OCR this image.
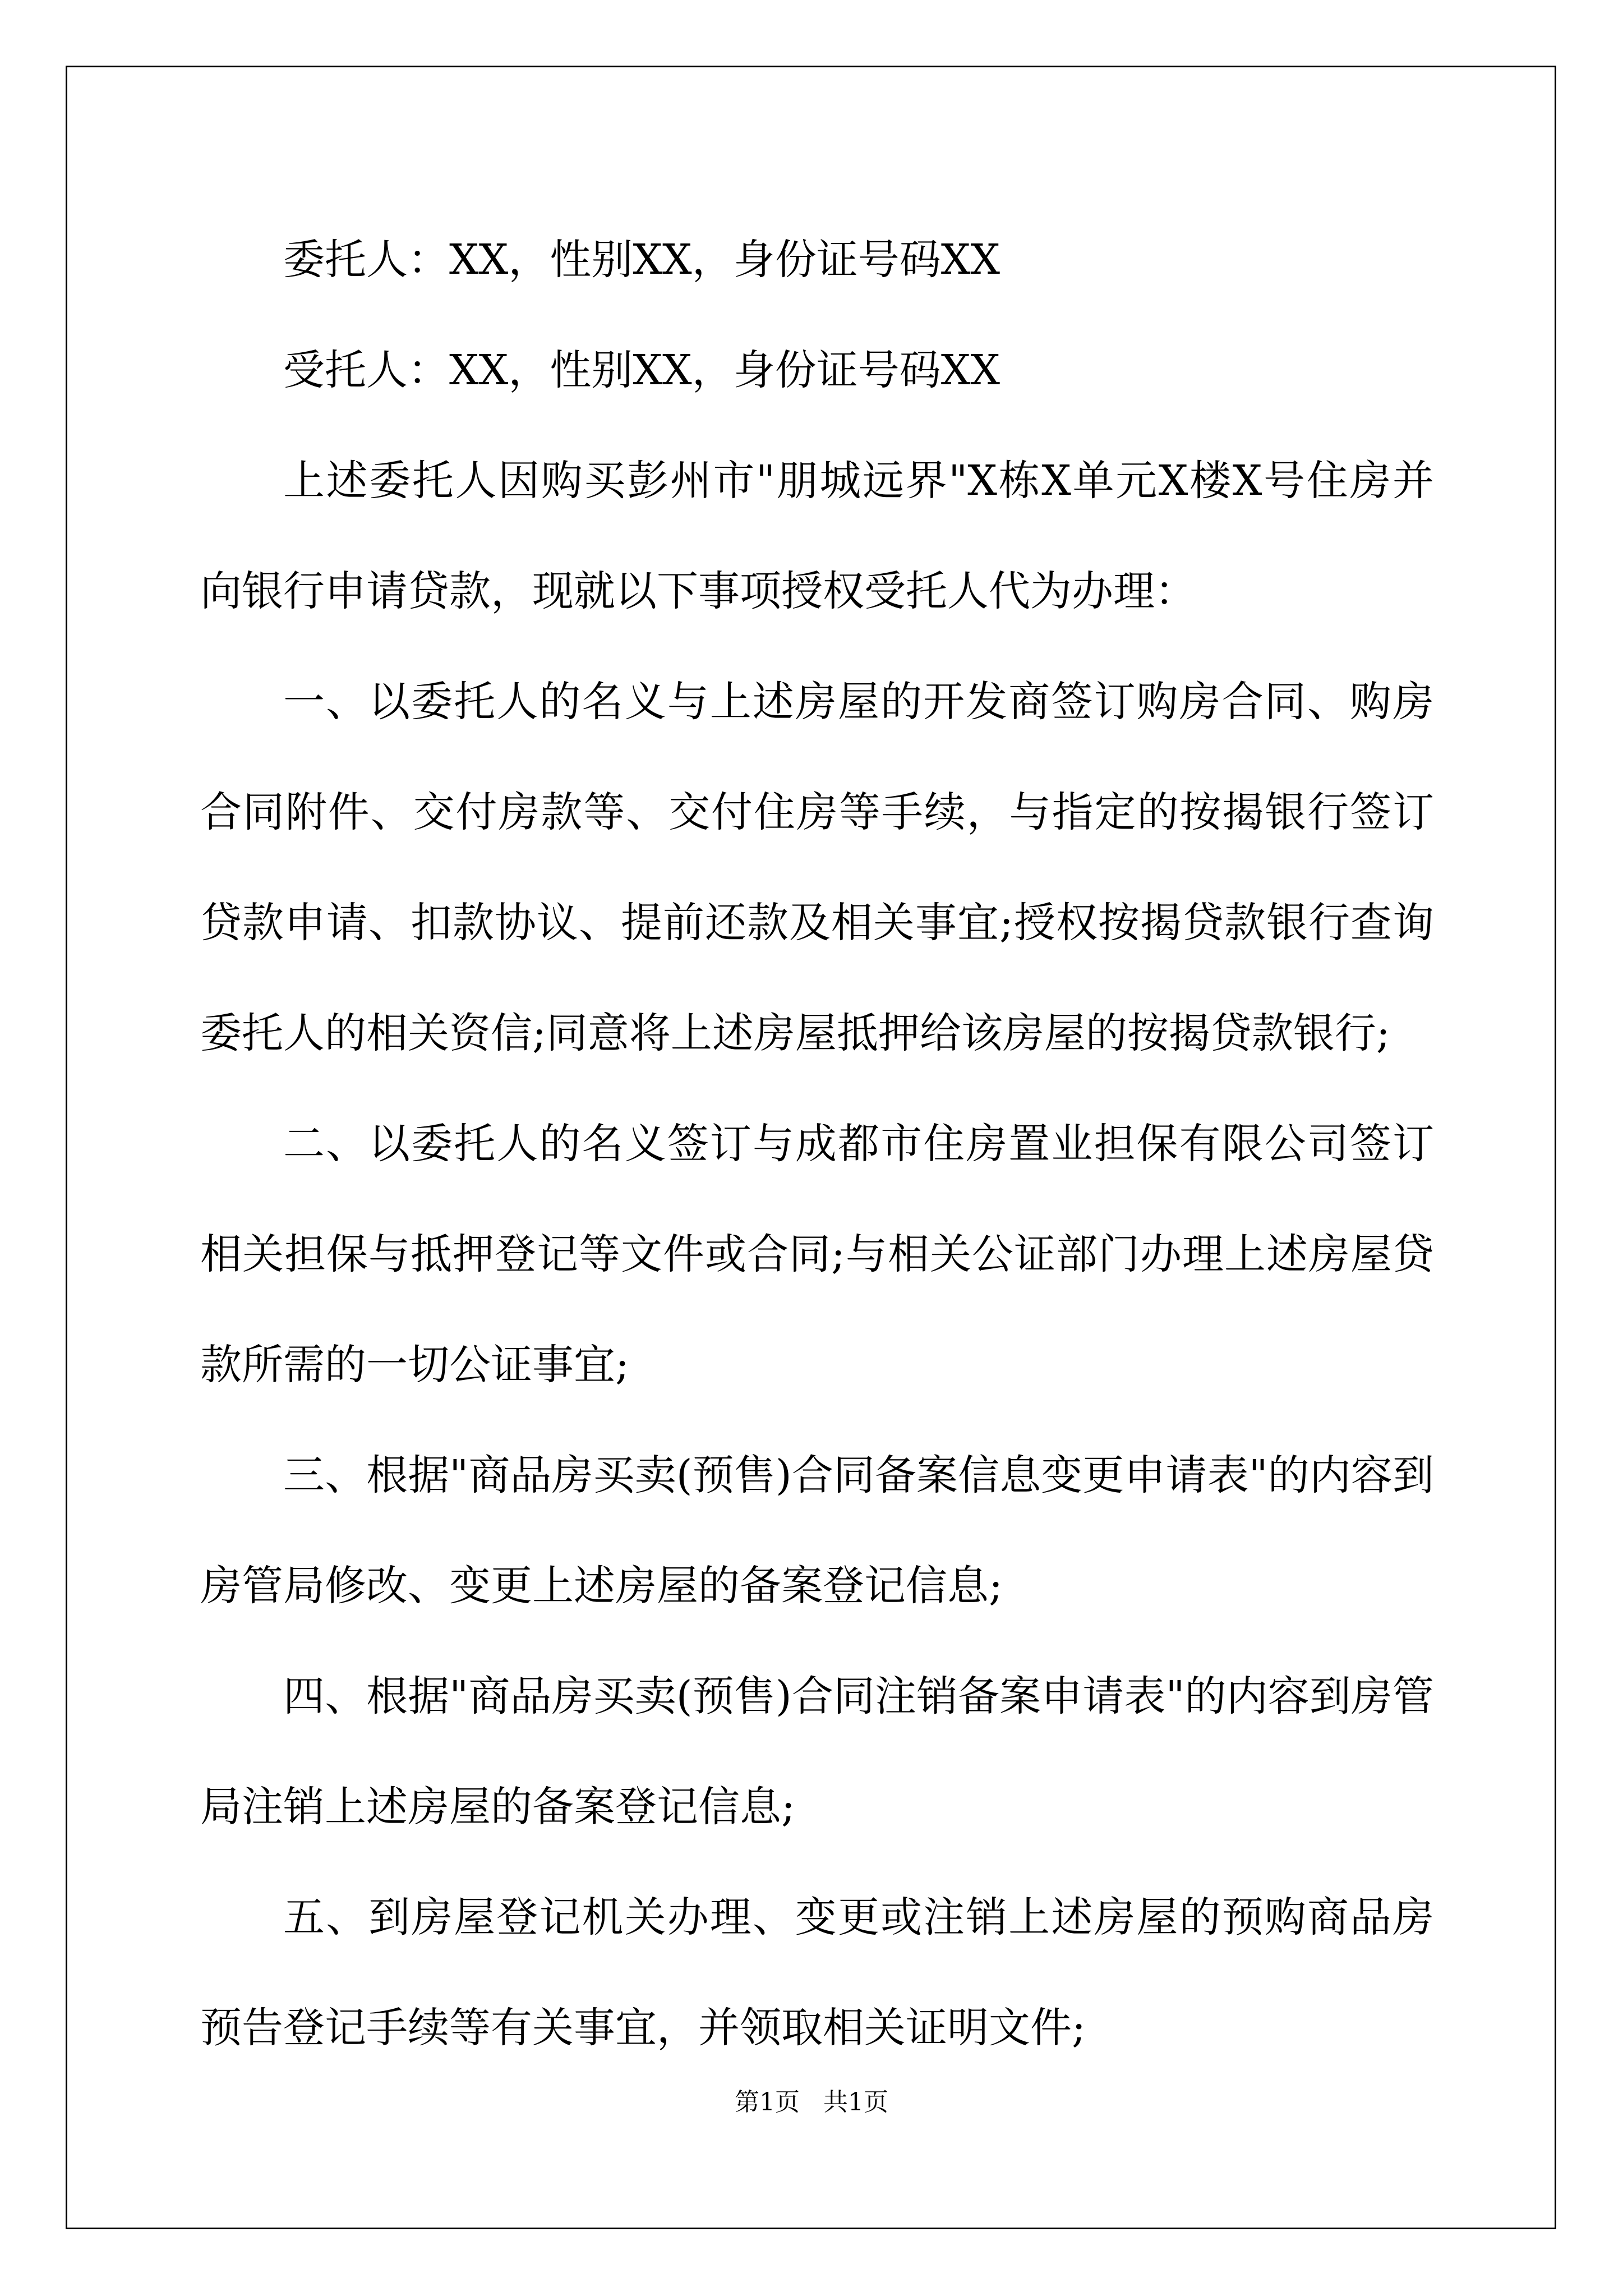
委托人：XX，性别XX，身份证号码XX

受托人：XX，性别XX，身份证号码XX

上述委托人因购买彭州市"朋城远界"X栋X单元X楼X号住房并向银行申请贷款，现就以下事项授权受托人代为办理：

一、以委托人的名义与上述房屋的开发商签订购房合同、购房合同附件、交付房款等、交付住房等手续，与指定的按揭银行签订贷款申请、扣款协议、提前还款及相关事宜;授权按揭贷款银行查询委托人的相关资信;同意将上述房屋抵押给该房屋的按揭贷款银行;

二、以委托人的名义签订与成都市住房置业担保有限公司签订相关担保与抵押登记等文件或合同;与相关公证部门办理上述房屋贷款所需的一切公证事宜;

三、根据"商品房买卖(预售)合同备案信息变更申请表"的内容到房管局修改、变更上述房屋的备案登记信息;

四、根据"商品房买卖(预售)合同注销备案申请表"的内容到房管局注销上述房屋的备案登记信息;

五、到房屋登记机关办理、变更或注销上述房屋的预购商品房预告登记手续等有关事宜，并领取相关证明文件;

第1页 共1页
